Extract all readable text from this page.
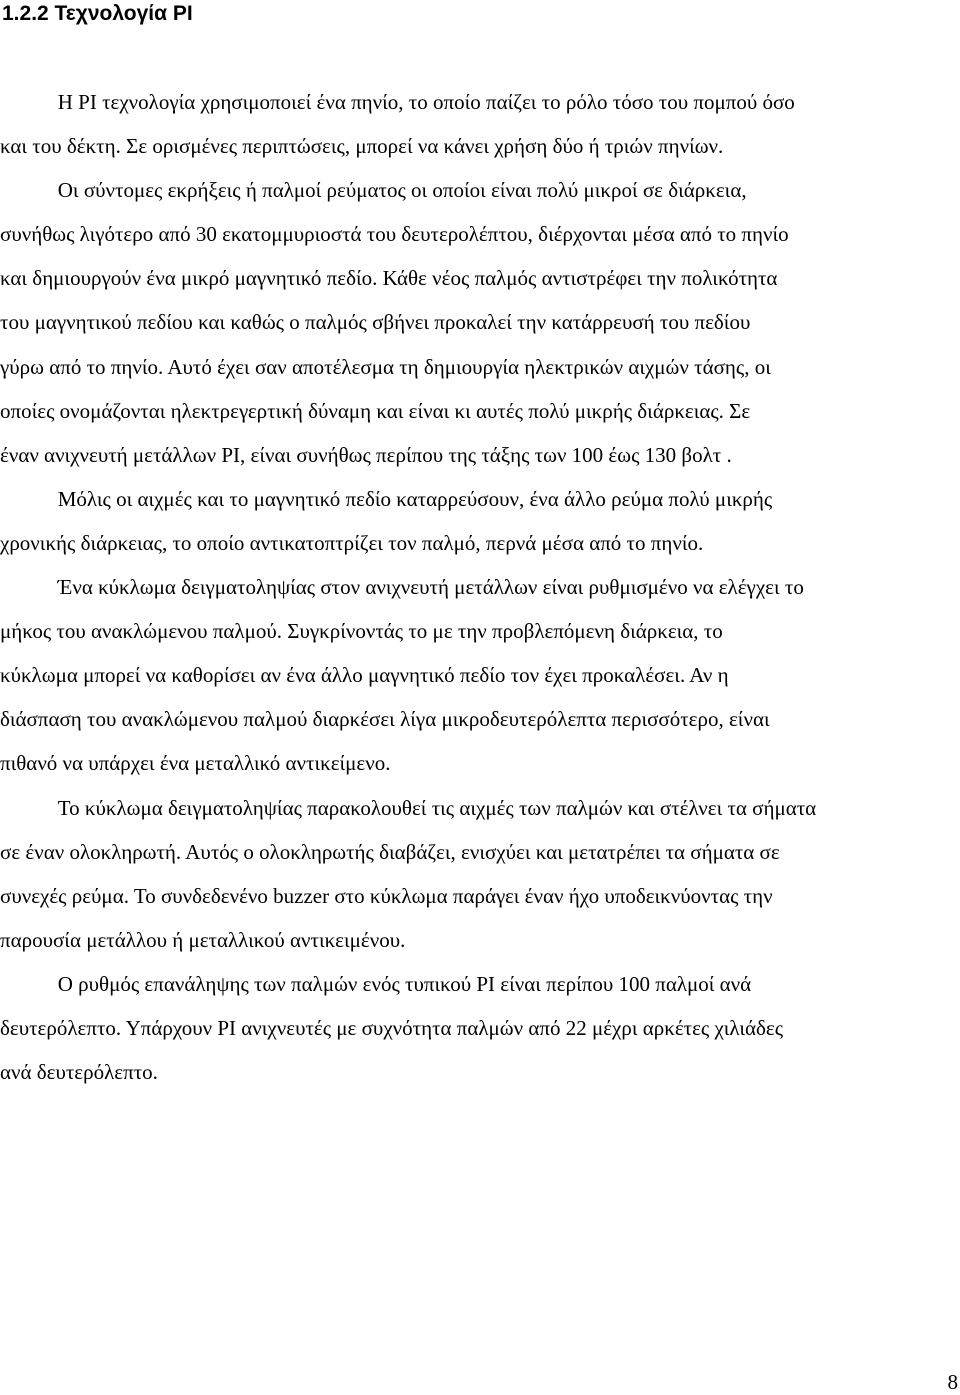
1.2.2 Τεχνολογία PI
Η PI τεχνολογία χρησιμοποιεί ένα πηνίο, το οποίο παίζει το ρόλο τόσο του πομπού όσο
και του δέκτη. Σε ορισμένες περιπτώσεις, μπορεί να κάνει χρήση δύο ή τριών πηνίων.
Οι σύντομες εκρήξεις ή παλμοί ρεύματος οι οποίοι είναι πολύ μικροί σε διάρκεια,
συνήθως λιγότερο από 30 εκατομμυριοστά του δευτερολέπτου, διέρχονται μέσα από το πηνίο
και δημιουργούν ένα μικρό μαγνητικό πεδίο. Κάθε νέος παλμός αντιστρέφει την πολικότητα
του μαγνητικού πεδίου και καθώς ο παλμός σβήνει προκαλεί την κατάρρευσή του πεδίου
γύρω από το πηνίο. Αυτό έχει σαν αποτέλεσμα τη δημιουργία ηλεκτρικών αιχμών τάσης, οι
οποίες ονομάζονται ηλεκτρεγερτική δύναμη και είναι κι αυτές πολύ μικρής διάρκειας. Σε
έναν ανιχνευτή μετάλλων PI, είναι συνήθως περίπου της τάξης των 100 έως 130 βολτ .
Μόλις οι αιχμές και το μαγνητικό πεδίο καταρρεύσουν, ένα άλλο ρεύμα πολύ μικρής
χρονικής διάρκειας, το οποίο αντικατοπτρίζει τον παλμό, περνά μέσα από το πηνίο.
Ένα κύκλωμα δειγματοληψίας στον ανιχνευτή μετάλλων είναι ρυθμισμένο να ελέγχει το
μήκος του ανακλώμενου παλμού. Συγκρίνοντάς το με την προβλεπόμενη διάρκεια, το
κύκλωμα μπορεί να καθορίσει αν ένα άλλο μαγνητικό πεδίο τον έχει προκαλέσει. Αν η
διάσπαση του ανακλώμενου παλμού διαρκέσει λίγα μικροδευτερόλεπτα περισσότερο, είναι
πιθανό να υπάρχει ένα μεταλλικό αντικείμενο.
Το κύκλωμα δειγματοληψίας παρακολουθεί τις αιχμές των παλμών και στέλνει τα σήματα
σε έναν ολοκληρωτή. Αυτός ο ολοκληρωτής διαβάζει, ενισχύει και μετατρέπει τα σήματα σε
συνεχές ρεύμα. Το συνδεδενένο buzzer στο κύκλωμα παράγει έναν ήχο υποδεικνύοντας την
παρουσία μετάλλου ή μεταλλικού αντικειμένου.
Ο ρυθμός επανάληψης των παλμών ενός τυπικού PI είναι περίπου 100 παλμοί ανά
δευτερόλεπτο. Υπάρχουν PI ανιχνευτές με συχνότητα παλμών από 22 μέχρι αρκέτες χιλιάδες
ανά δευτερόλεπτο.
8
